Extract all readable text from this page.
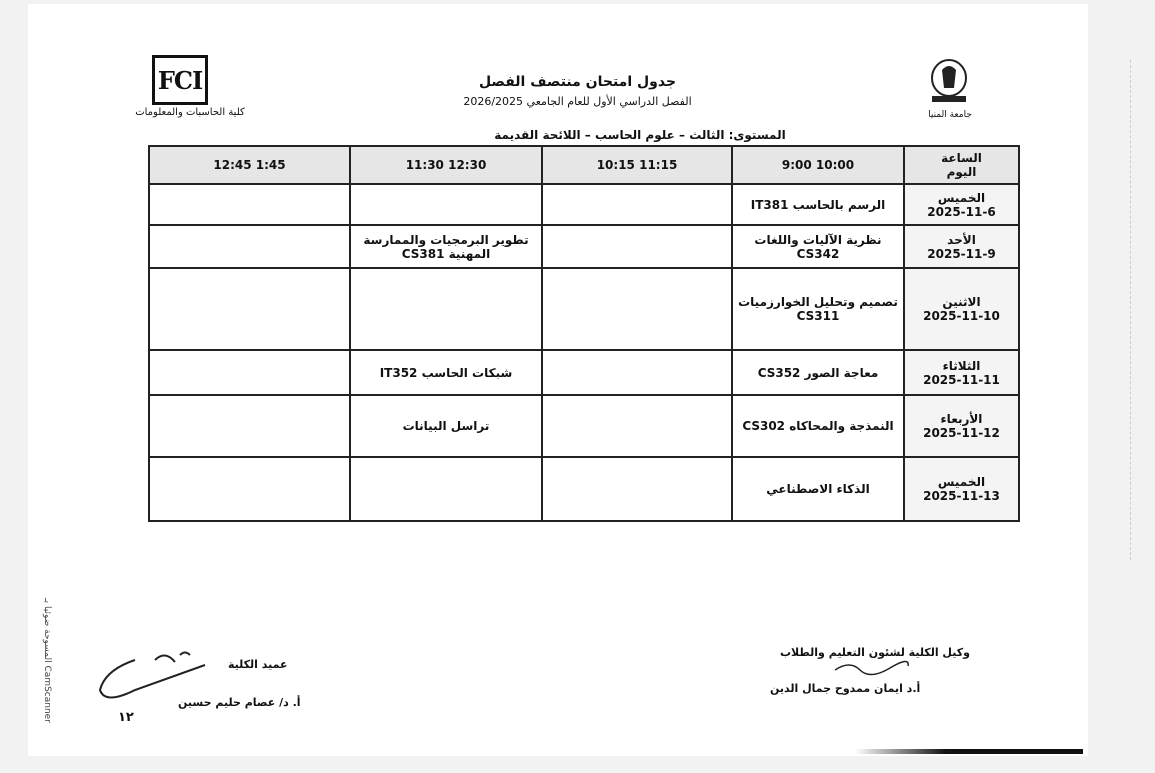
FCI
كلية الحاسبات والمعلومات	جامعة المنيا
جدول امتحان منتصف الفصل
الفصل الدراسي الأول للعام الجامعي 2026/2025
المستوى: الثالث – علوم الحاسب – اللائحة القديمة
الساعة
اليوم	10:00 9:00	11:15 10:15	12:30 11:30	1:45 12:45

الخميس
2025-11-6	الرسم بالحاسب IT381			

الأحد
2025-11-9	نظرية الآليات واللغات CS342		تطوير البرمجيات والممارسة المهنية CS381	

الاثنين
2025-11-10	تصميم وتحليل الخوارزميات CS311			

الثلاثاء
2025-11-11	معاجة الصور CS352		شبكات الحاسب IT352	

الأربعاء
2025-11-12	النمذجة والمحاكاه CS302		تراسل البيانات	

الخميس
2025-11-13	الذكاء الاصطناعي			
وكيل الكلية لشئون التعليم والطلاب
أ.د ايمان ممدوح جمال الدين
عميد الكلية
أ. د/ عصام حليم حسين
١٢
المسوحة ضوئيا بـ CamScanner
